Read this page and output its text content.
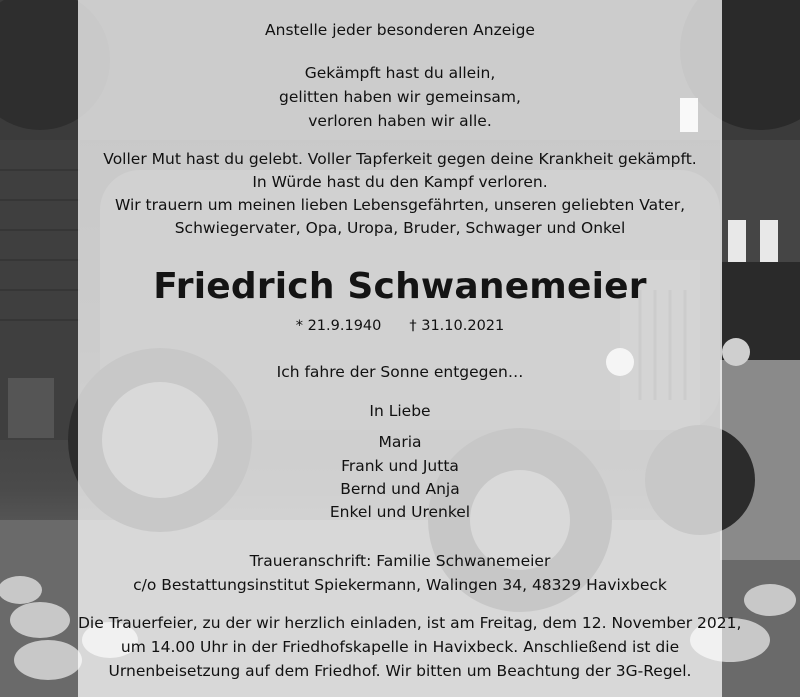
Anstelle jeder besonderen Anzeige
Gekämpft hast du allein,
gelitten haben wir gemeinsam,
verloren haben wir alle.
Voller Mut hast du gelebt. Voller Tapferkeit gegen deine Krankheit gekämpft.
In Würde hast du den Kampf verloren.
Wir trauern um meinen lieben Lebensgefährten, unseren geliebten Vater,
Schwiegervater, Opa, Uropa, Bruder, Schwager und Onkel
Friedrich Schwanemeier
* 21.9.1940 † 31.10.2021
Ich fahre der Sonne entgegen…
In Liebe
Maria
Frank und Jutta
Bernd und Anja
Enkel und Urenkel
Traueranschrift: Familie Schwanemeier
c/o Bestattungsinstitut Spiekermann, Walingen 34, 48329 Havixbeck
Die Trauerfeier, zu der wir herzlich einladen, ist am Freitag, dem 12. November 2021,
um 14.00 Uhr in der Friedhofskapelle in Havixbeck. Anschließend ist die
Urnenbeisetzung auf dem Friedhof. Wir bitten um Beachtung der 3G-Regel.
